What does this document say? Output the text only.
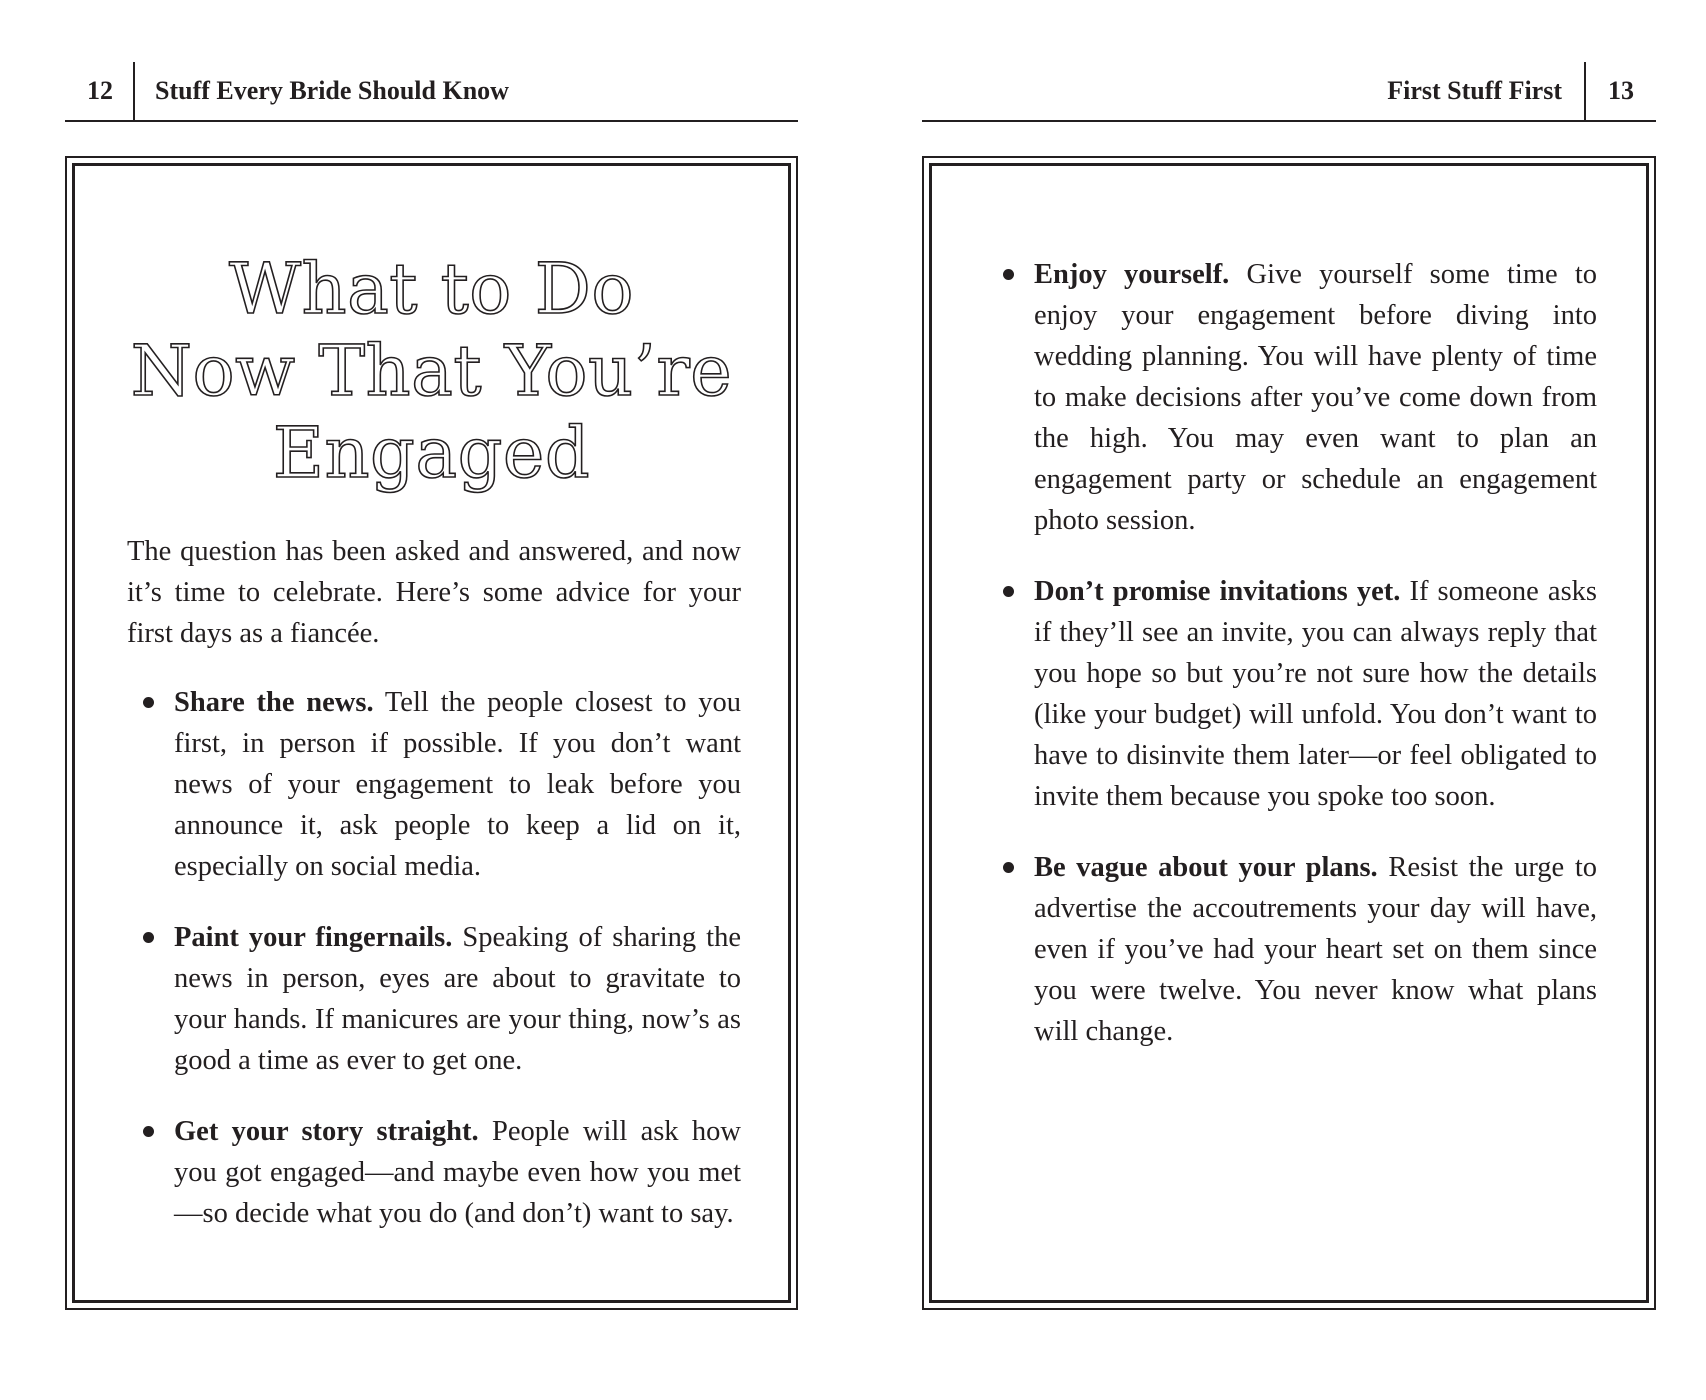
12	Stuff Every Bride Should Know
What to Do
Now That You’re
Engaged

The question has been asked and answered, and now it’s time to celebrate. Here’s some advice for your first days as a fiancée.

Share the news. Tell the people closest to you first, in person if possible. If you don’t want news of your engagement to leak before you announce it, ask people to keep a lid on it, especially on social media.
Paint your fingernails. Speaking of sharing the news in person, eyes are about to gravitate to your hands. If manicures are your thing, now’s as good a time as ever to get one.
Get your story straight. People will ask how you got engaged—and maybe even how you met—so decide what you do (and don’t) want to say.
First Stuff First	13
Enjoy yourself. Give yourself some time to enjoy your engagement before diving into wedding planning. You will have plenty of time to make decisions after you’ve come down from the high. You may even want to plan an engagement party or schedule an engagement photo session.
Don’t promise invitations yet. If someone asks if they’ll see an invite, you can always reply that you hope so but you’re not sure how the details (like your budget) will unfold. You don’t want to have to disinvite them later—or feel obligated to invite them because you spoke too soon.
Be vague about your plans. Resist the urge to advertise the accoutrements your day will have, even if you’ve had your heart set on them since you were twelve. You never know what plans will change.
